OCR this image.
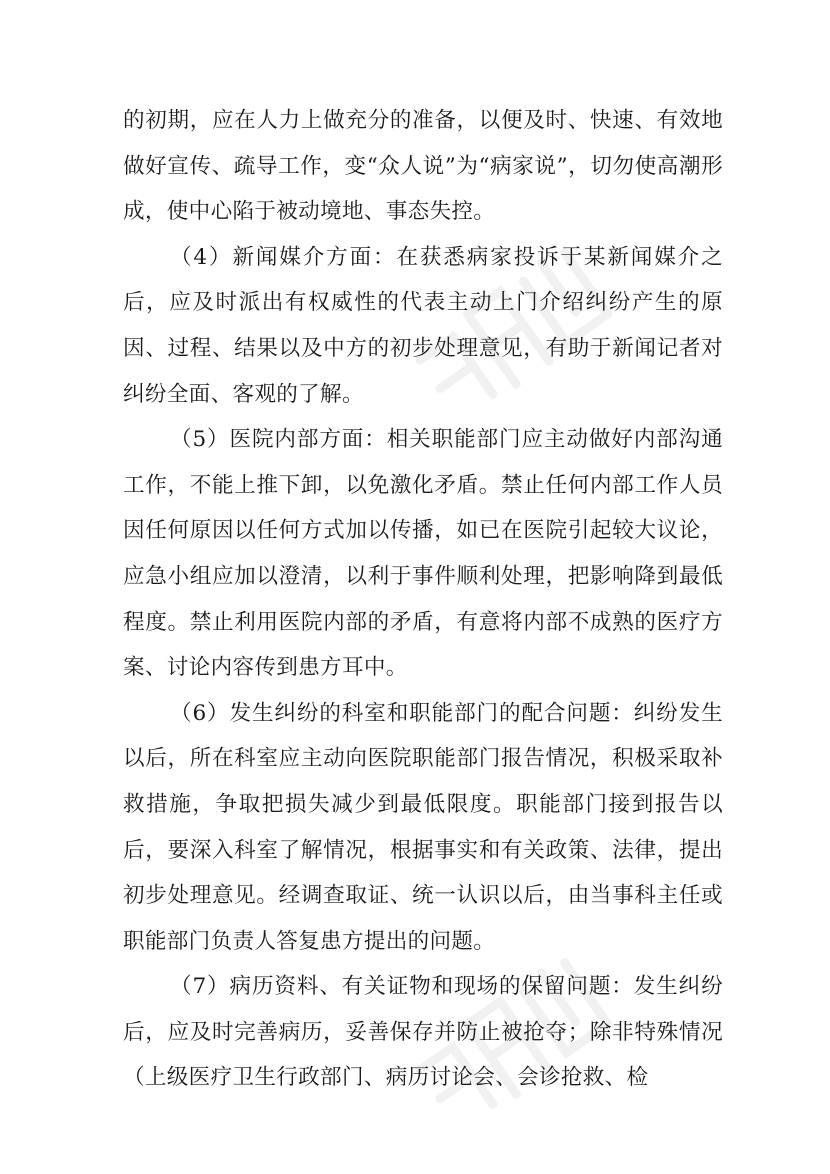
的初期，应在人力上做充分的准备，以便及时、快速、有效地做好宣传、疏导工作，变“众人说”为“病家说”，切勿使高潮形成，使中心陷于被动境地、事态失控。

（4）新闻媒介方面：在获悉病家投诉于某新闻媒介之后，应及时派出有权威性的代表主动上门介绍纠纷产生的原因、过程、结果以及中方的初步处理意见，有助于新闻记者对纠纷全面、客观的了解。

（5）医院内部方面：相关职能部门应主动做好内部沟通工作，不能上推下卸，以免激化矛盾。禁止任何内部工作人员因任何原因以任何方式加以传播，如已在医院引起较大议论，应急小组应加以澄清，以利于事件顺利处理，把影响降到最低程度。禁止利用医院内部的矛盾，有意将内部不成熟的医疗方案、讨论内容传到患方耳中。

（6）发生纠纷的科室和职能部门的配合问题：纠纷发生以后，所在科室应主动向医院职能部门报告情况，积极采取补救措施，争取把损失减少到最低限度。职能部门接到报告以后，要深入科室了解情况，根据事实和有关政策、法律，提出初步处理意见。经调查取证、统一认识以后，由当事科主任或职能部门负责人答复患方提出的问题。

（7）病历资料、有关证物和现场的保留问题：发生纠纷后，应及时完善病历，妥善保存并防止被抢夺；除非特殊情况（上级医疗卫生行政部门、病历讨论会、会诊抢救、检
